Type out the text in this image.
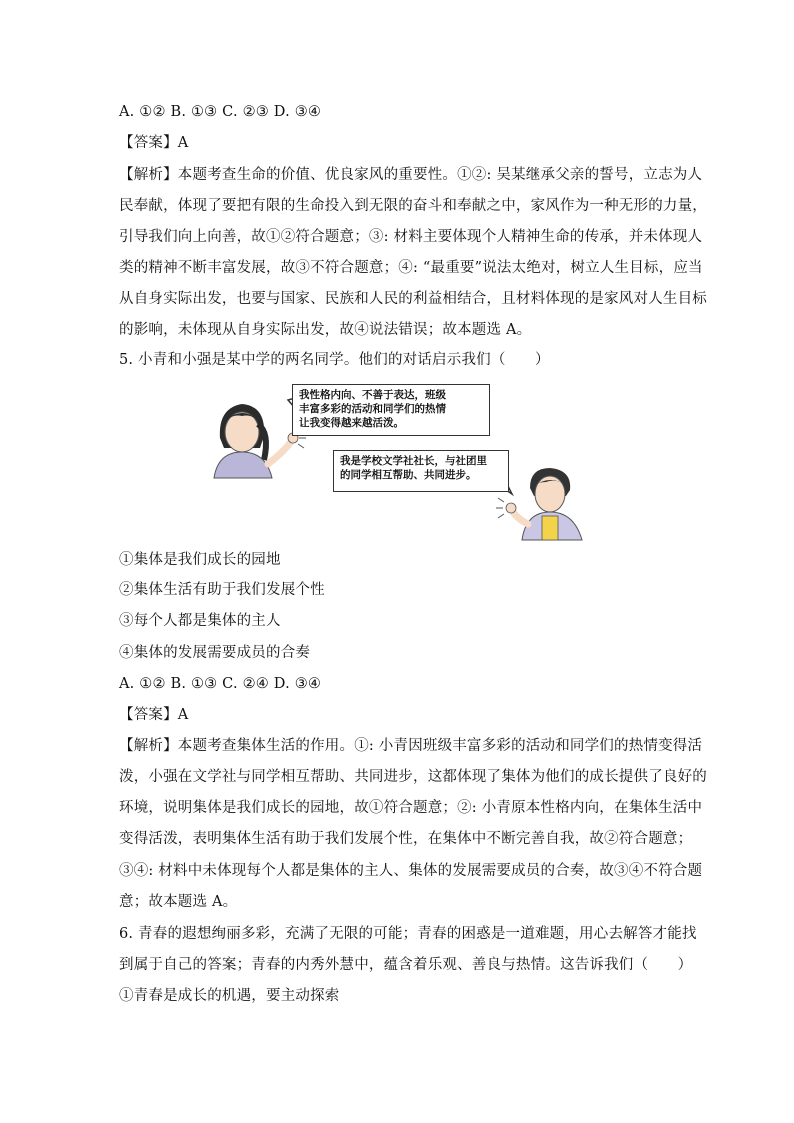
A. ①② B. ①③ C. ②③ D. ③④
【答案】A
【解析】本题考查生命的价值、优良家风的重要性。①②: 吴某继承父亲的誓号，立志为人
民奉献，体现了要把有限的生命投入到无限的奋斗和奉献之中，家风作为一种无形的力量，
引导我们向上向善，故①②符合题意；③: 材料主要体现个人精神生命的传承，并未体现人
类的精神不断丰富发展，故③不符合题意；④: “最重要”说法太绝对，树立人生目标，应当
从自身实际出发，也要与国家、民族和人民的利益相结合，且材料体现的是家风对人生目标
的影响，未体现从自身实际出发，故④说法错误；故本题选 A。
5. 小青和小强是某中学的两名同学。他们的对话启示我们（　　）
我性格内向、不善于表达，班级
丰富多彩的活动和同学们的热情
让我变得越来越活泼。
我是学校文学社社长，与社团里
的同学相互帮助、共同进步。
①集体是我们成长的园地
②集体生活有助于我们发展个性
③每个人都是集体的主人
④集体的发展需要成员的合奏
A. ①② B. ①③ C. ②④ D. ③④
【答案】A
【解析】本题考查集体生活的作用。①: 小青因班级丰富多彩的活动和同学们的热情变得活
泼，小强在文学社与同学相互帮助、共同进步，这都体现了集体为他们的成长提供了良好的
环境，说明集体是我们成长的园地，故①符合题意；②: 小青原本性格内向，在集体生活中
变得活泼，表明集体生活有助于我们发展个性，在集体中不断完善自我，故②符合题意；
③④: 材料中未体现每个人都是集体的主人、集体的发展需要成员的合奏，故③④不符合题
意；故本题选 A。
6. 青春的遐想绚丽多彩，充满了无限的可能；青春的困惑是一道难题，用心去解答才能找
到属于自己的答案；青春的内秀外慧中，蕴含着乐观、善良与热情。这告诉我们（　　）
①青春是成长的机遇，要主动探索
